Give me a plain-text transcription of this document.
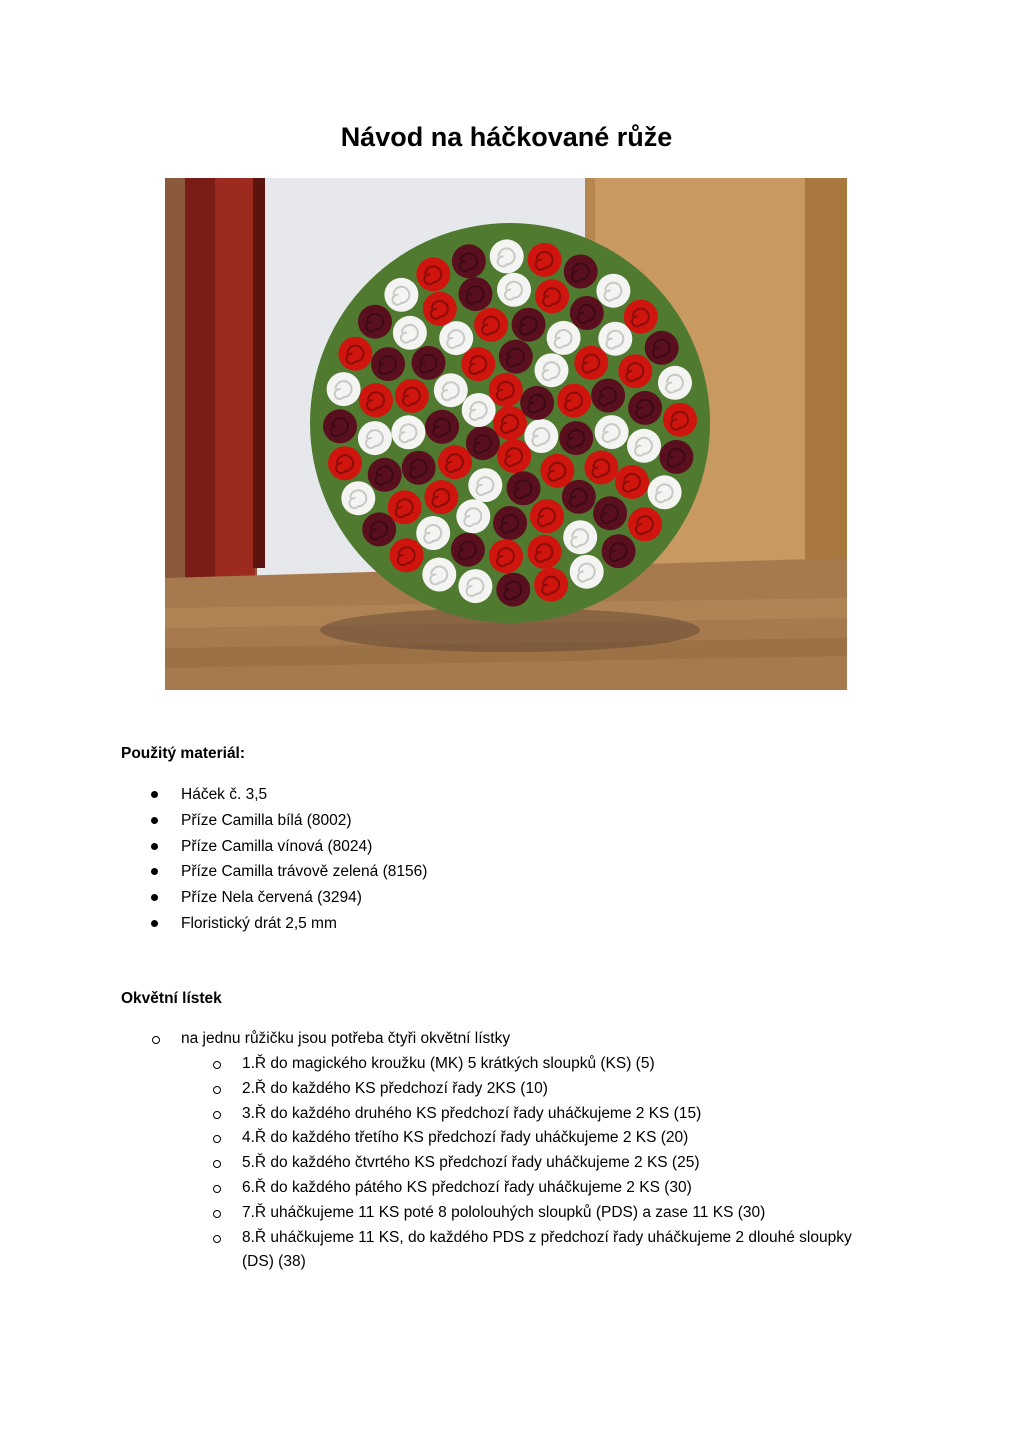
Návod na háčkované růže

Použitý materiál:

Háček č. 3,5
Příze Camilla bílá (8002)
Příze Camilla vínová (8024)
Příze Camilla trávově zelená (8156)
Příze Nela červená (3294)
Floristický drát 2,5 mm

Okvětní lístek

na jednu růžičku jsou potřeba čtyři okvětní lístky
1.Ř do magického kroužku (MK) 5 krátkých sloupků (KS) (5)
2.Ř do každého KS předchozí řady 2KS (10)
3.Ř do každého druhého KS předchozí řady uháčkujeme 2 KS (15)
4.Ř do každého třetího KS předchozí řady uháčkujeme 2 KS (20)
5.Ř do každého čtvrtého KS předchozí řady uháčkujeme 2 KS (25)
6.Ř do každého pátého KS předchozí řady uháčkujeme 2 KS (30)
7.Ř uháčkujeme 11 KS poté 8 pololouhých sloupků (PDS) a zase 11 KS (30)
8.Ř uháčkujeme 11 KS, do každého PDS z předchozí řady uháčkujeme 2 dlouhé sloupky (DS) (38)
